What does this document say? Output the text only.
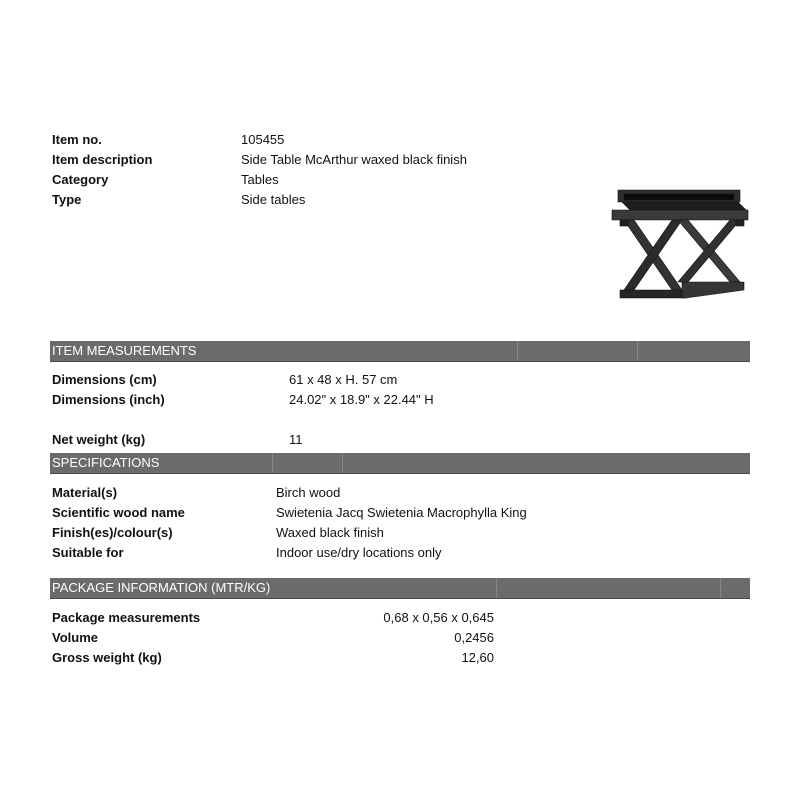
Item no.	105455
Item description	Side Table McArthur waxed black finish
Category	Tables
Type	Side tables
ITEM MEASUREMENTS
Dimensions (cm)	61 x 48 x H. 57 cm
Dimensions (inch)	24.02" x 18.9" x 22.44" H
Net weight (kg)	11
SPECIFICATIONS
Material(s)	Birch wood
Scientific wood name	Swietenia Jacq Swietenia Macrophylla King
Finish(es)/colour(s)	Waxed black finish
Suitable for	Indoor use/dry locations only
PACKAGE INFORMATION (MTR/KG)
Package measurements	0,68 x 0,56 x 0,645
Volume	0,2456
Gross weight (kg)	12,60
